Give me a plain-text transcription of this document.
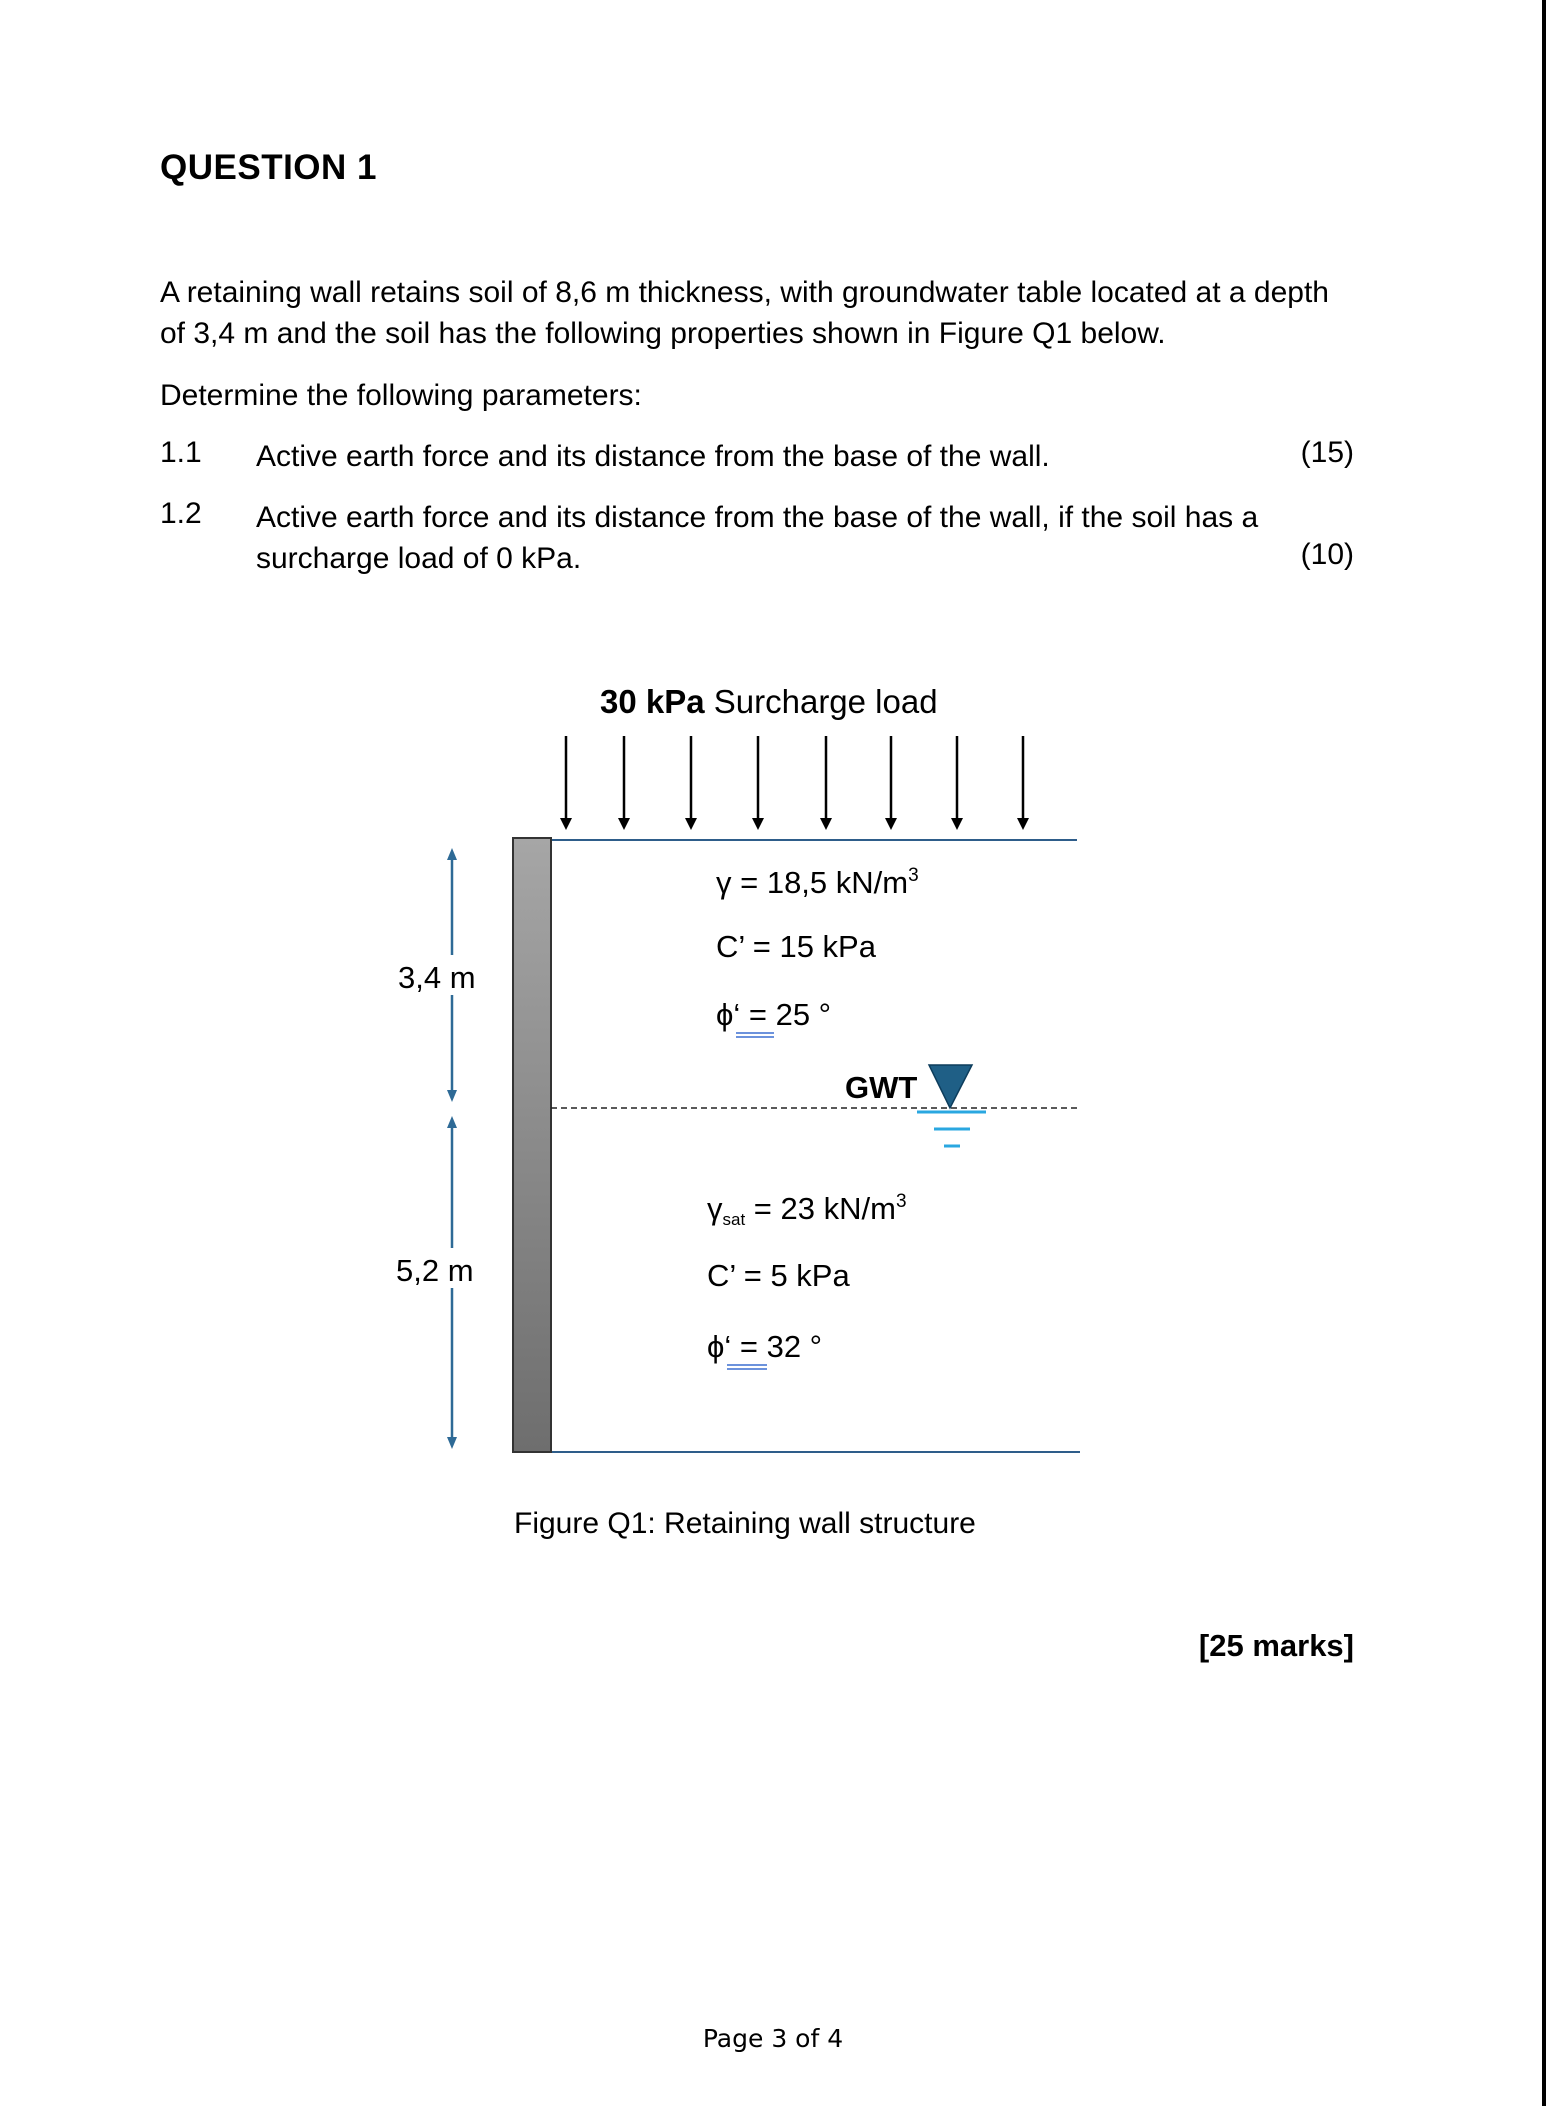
QUESTION 1
A retaining wall retains soil of 8,6 m thickness, with groundwater table located at a depth of 3,4 m and the soil has the following properties shown in Figure Q1 below.
Determine the following parameters:
1.1 Active earth force and its distance from the base of the wall.	(15)
1.2 Active earth force and its distance from the base of the wall, if the soil has a surcharge load of 0 kPa.	(10)
30 kPa Surcharge load
GWT
3,4 m
5,2 m
γ = 18,5 $kN/m^3$
C’ = 15 kPa
ϕ‘ = 25 °
γsat = 23 $kN/m^3$
C’ = 5 kPa
ϕ‘ = 32 °
Figure Q1: Retaining wall structure
[25 marks]
Page 3 of 4
